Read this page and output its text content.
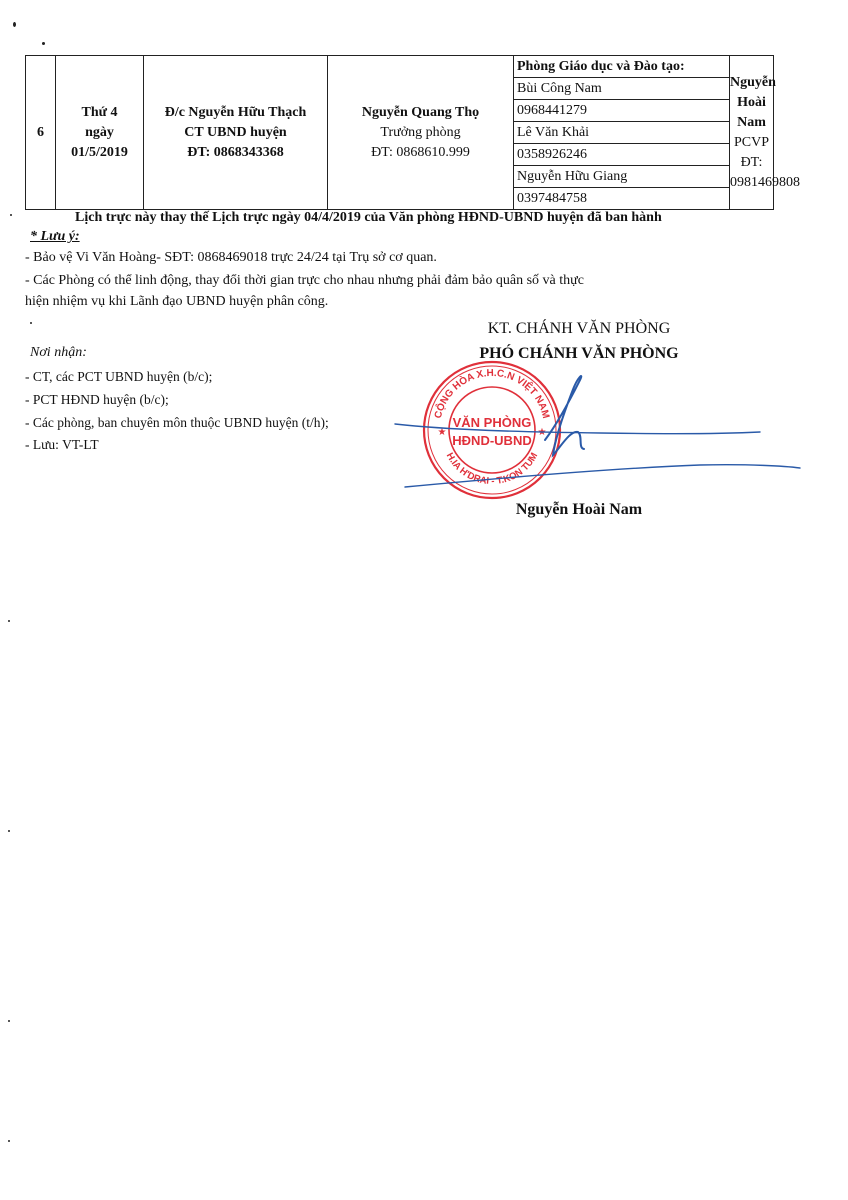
6	
Thứ 4
ngày
01/5/2019

Đ/c Nguyễn Hữu Thạch
CT UBND huyện
ĐT: 0868343368

Nguyễn Quang Thọ
Trưởng phòng
ĐT: 0868610.999

Phòng Giáo dục và Đào tạo:
Bùi Công Nam
0968441279
Lê Văn Khải
0358926246
Nguyễn Hữu Giang
0397484758

Nguyễn Hoài
Nam
PCVP
ĐT:
0981469808
Lịch trực này thay thế Lịch trực ngày 04/4/2019 của Văn phòng HĐND-UBND huyện đã ban hành
* Lưu ý:
- Bảo vệ Vi Văn Hoàng- SĐT: 0868469018 trực 24/24 tại Trụ sở cơ quan.
- Các Phòng có thể linh động, thay đổi thời gian trực cho nhau nhưng phải đảm bảo quân số và thực
hiện nhiệm vụ khi Lãnh đạo UBND huyện phân công.
KT. CHÁNH VĂN PHÒNG
PHÓ CHÁNH VĂN PHÒNG
Nơi nhận:
- CT, các PCT UBND huyện (b/c);
- PCT HĐND huyện (b/c);
- Các phòng, ban chuyên môn thuộc UBND huyện (t/h);
- Lưu: VT-LT
CỘNG HÒA X.H.C.N VIỆT NAM
H.IA H'DRAI - T.KON TUM
VĂN PHÒNG
HĐND-UBND
★	★
Nguyễn Hoài Nam
